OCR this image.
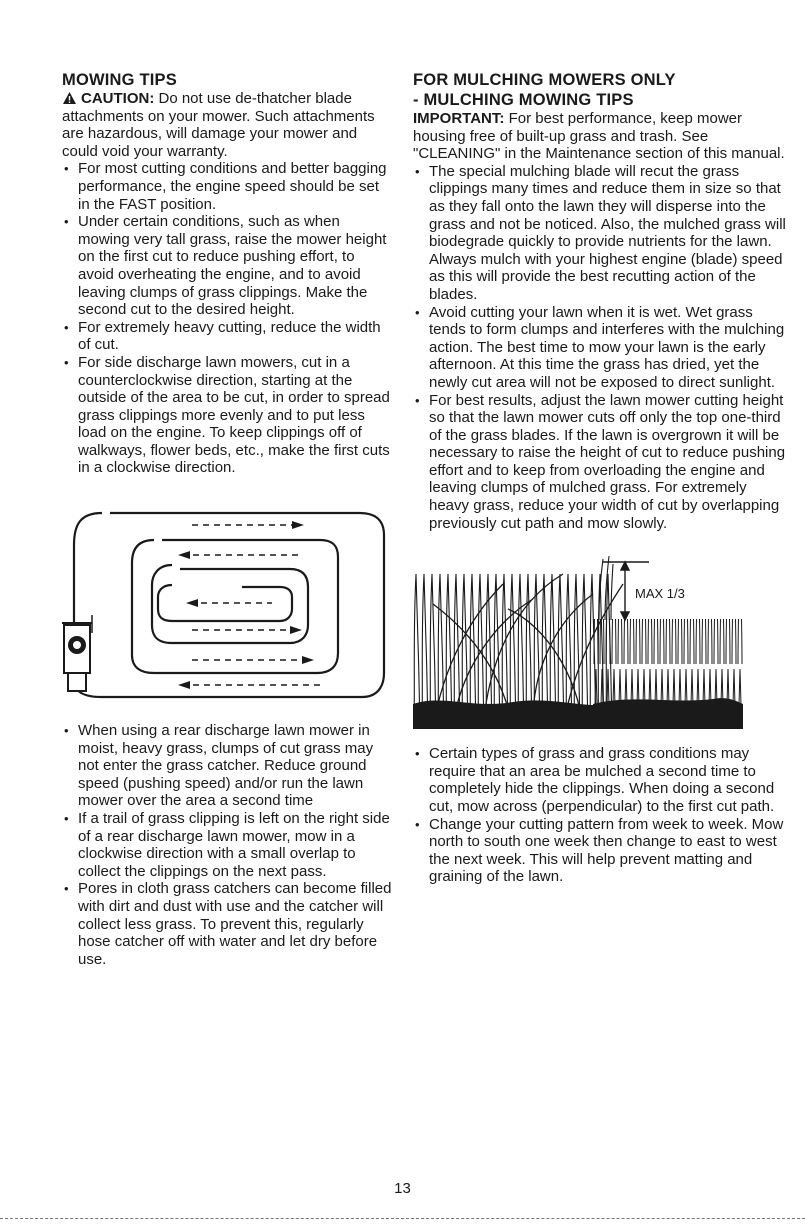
MOWING TIPS

CAUTION: Do not use de-thatcher blade attachments on your mower. Such attachments are hazardous, will damage your mower and could void your warranty.

• For most cutting conditions and better bagging performance, the engine speed should be set in the FAST position.
• Under certain conditions, such as when mowing very tall grass, raise the mower height on the first cut to reduce pushing effort, to avoid overheating the engine, and to avoid leaving clumps of grass clippings. Make the second cut to the desired height.
• For extremely heavy cutting, reduce the width of cut.
• For side discharge lawn mowers, cut in a counterclockwise direction, starting at the outside of the area to be cut, in order to spread grass clippings more evenly and to put less load on the engine. To keep clippings off of walkways, flower beds, etc., make the first cuts in a clockwise direction.
• When using a rear discharge lawn mower in moist, heavy grass, clumps of cut grass may not enter the grass catcher. Reduce ground speed (pushing speed) and/or run the lawn mower over the area a second time
• If a trail of grass clipping is left on the right side of a rear discharge lawn mower, mow in a clockwise direction with a small overlap to collect the clippings on the next pass.
• Pores in cloth grass catchers can become filled with dirt and dust with use and the catcher will collect less grass. To prevent this, regularly hose catcher off with water and let dry before use.
FOR MULCHING MOWERS ONLY
- MULCHING MOWING TIPS

IMPORTANT: For best performance, keep mower housing free of built-up grass and trash. See "CLEANING" in the Maintenance section of this manual.

• The special mulching blade will recut the grass clippings many times and reduce them in size so that as they fall onto the lawn they will disperse into the grass and not be noticed. Also, the mulched grass will biodegrade quickly to provide nutrients for the lawn. Always mulch with your highest engine (blade) speed as this will provide the best recutting action of the blades.
• Avoid cutting your lawn when it is wet. Wet grass tends to form clumps and interferes with the mulching action. The best time to mow your lawn is the early afternoon. At this time the grass has dried, yet the newly cut area will not be exposed to direct sunlight.
• For best results, adjust the lawn mower cutting height so that the lawn mower cuts off only the top one-third of the grass blades. If the lawn is overgrown it will be necessary to raise the height of cut to reduce pushing effort and to keep from overloading the engine and leaving clumps of mulched grass. For extremely heavy grass, reduce your width of cut by overlapping previously cut path and mow slowly.
MAX 1/3
• Certain types of grass and grass conditions may require that an area be mulched a second time to completely hide the clippings. When doing a second cut, mow across (perpendicular) to the first cut path.
• Change your cutting pattern from week to week. Mow north to south one week then change to east to west the next week. This will help prevent matting and graining of the lawn.
13
